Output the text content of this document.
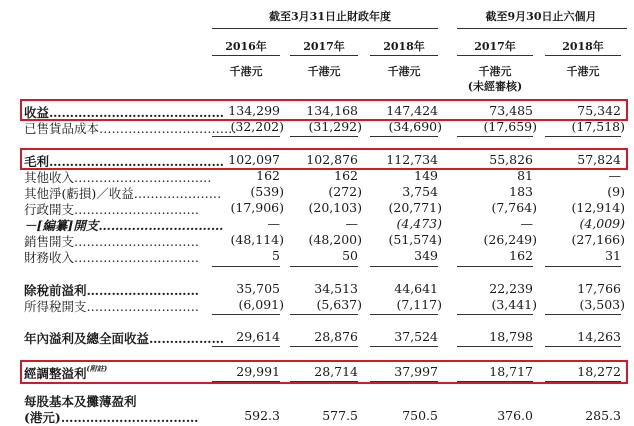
截至3月31日止財政年度	截至9月30日止六個月
2016年	2017年	2018年	2017年	2018年
千港元	千港元	千港元	千港元	千港元
(未經審核)
收益…………………………………… 134,299	134,168	147,424	73,485	75,342
已售貨品成本……………………………
(32,202)	(31,292)	(34,690)	(17,659)	(17,518)
毛利…………………………………… 102,097	102,876	112,734	55,826	57,824
其他收入……………………………	162	162	149	81	—
其他淨(虧損)／收益…………………	(539)	(272)	3,754	183	(9)
行政開支…………………………	(17,906)	(20,103)	(20,771)	(7,764)	(12,914)
－[編纂]開支…………………………	—	—	(4,473)	—	(4,009)
銷售開支…………………………	(48,114)	(48,200)	(51,574)	(26,249)	(27,166)
財務收入…………………………	5	50	349	162	31
除稅前溢利………………………	35,705	34,513	44,641	22,239	17,766
所得稅開支………………………	(6,091)	(5,637)	(7,117)	(3,441)	(3,503)
年內溢利及總全面收益……………… 29,614	28,876	37,524	18,798	14,263
經調整溢利$^{(附註)}$	29,991	28,714	37,997	18,717	18,272
每股基本及攤薄盈利
(港元)……………………………	592.3	577.5	750.5	376.0	285.3
